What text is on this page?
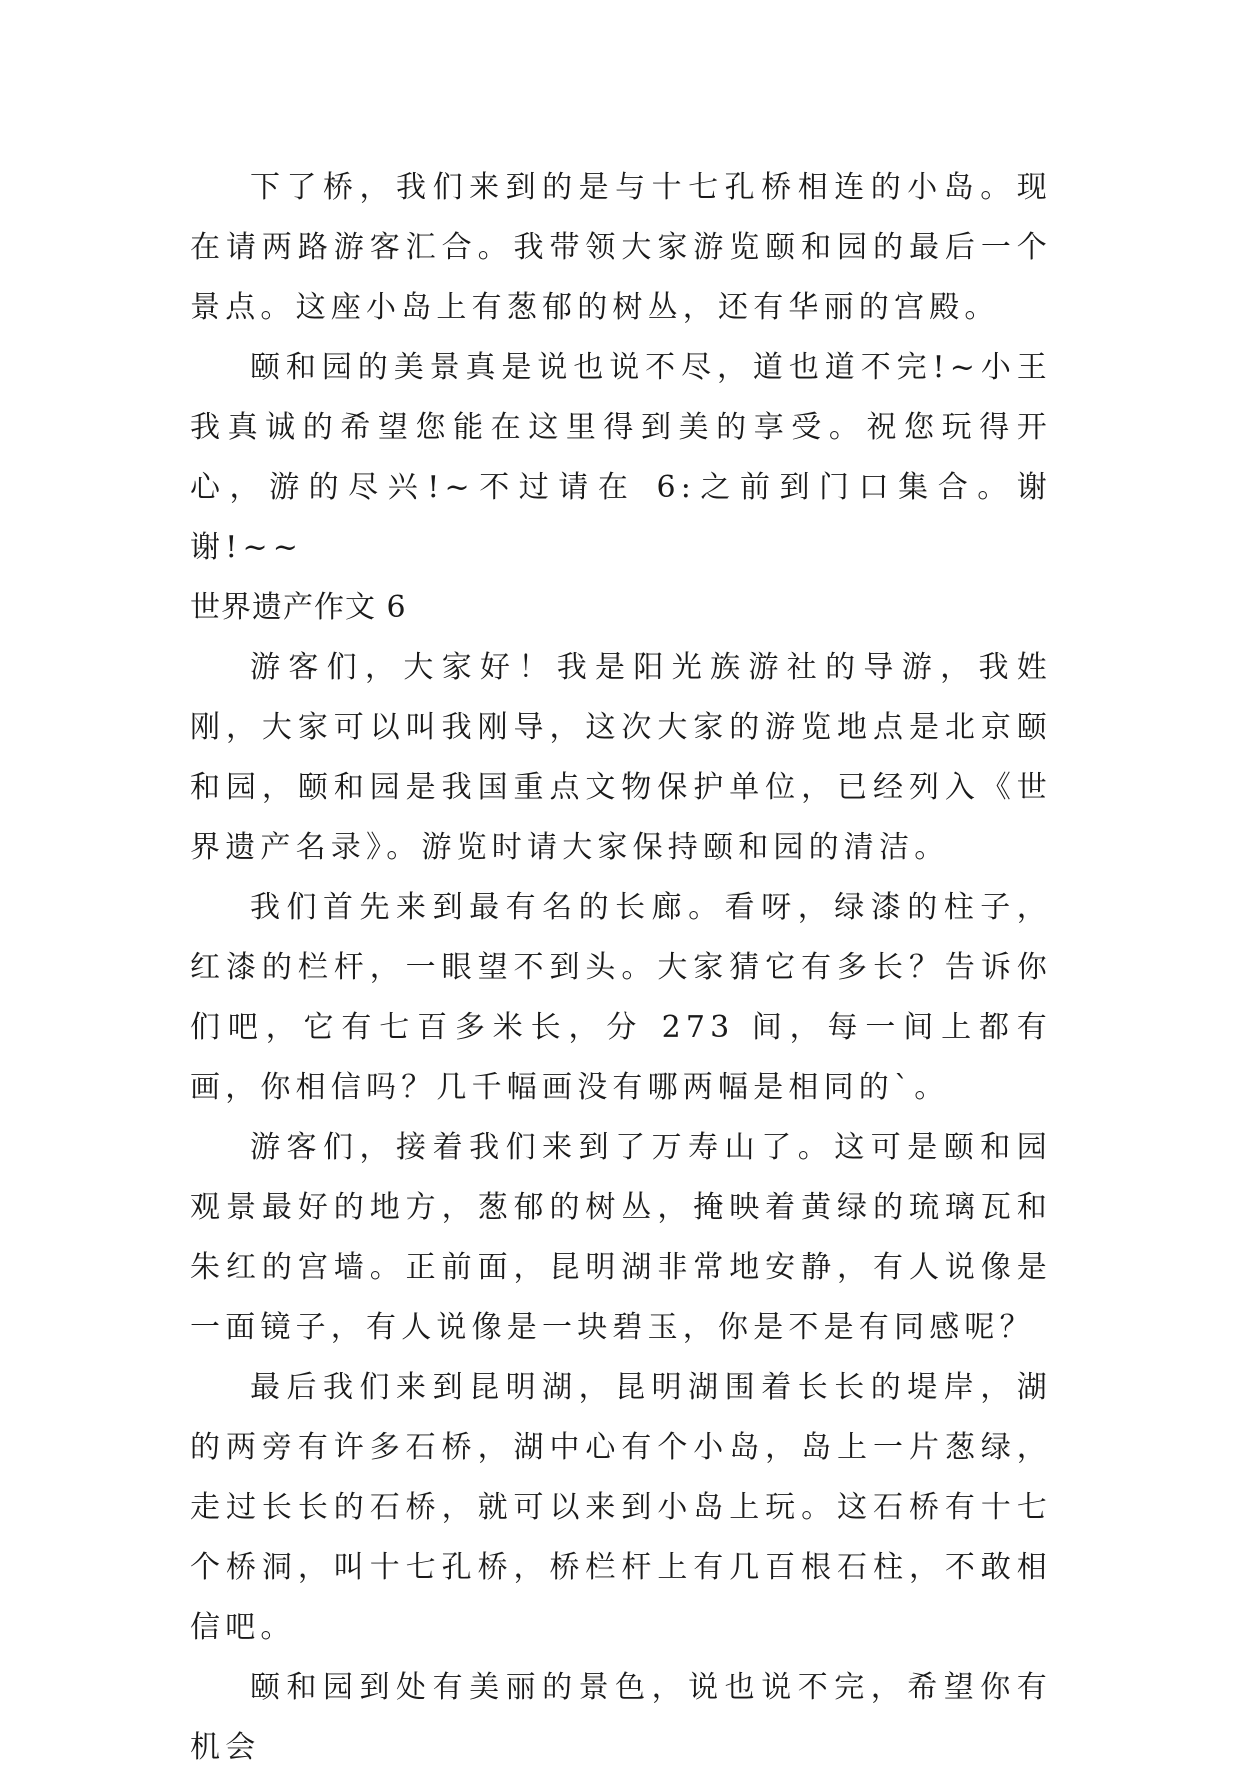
下了桥，我们来到的是与十七孔桥相连的小岛。现在请两路游客汇合。我带领大家游览颐和园的最后一个景点。这座小岛上有葱郁的树丛，还有华丽的宫殿。

颐和园的美景真是说也说不尽，道也道不完!~小王我真诚的希望您能在这里得到美的享受。祝您玩得开心，游的尽兴!~不过请在 6:之前到门口集合。谢谢!~~

世界遗产作文 6

游客们，大家好！我是阳光族游社的导游，我姓刚，大家可以叫我刚导，这次大家的游览地点是北京颐和园，颐和园是我国重点文物保护单位，已经列入《世界遗产名录》。游览时请大家保持颐和园的清洁。

我们首先来到最有名的长廊。看呀，绿漆的柱子，红漆的栏杆，一眼望不到头。大家猜它有多长？告诉你们吧，它有七百多米长，分 273 间，每一间上都有画，你相信吗？几千幅画没有哪两幅是相同的`。

游客们，接着我们来到了万寿山了。这可是颐和园观景最好的地方，葱郁的树丛，掩映着黄绿的琉璃瓦和朱红的宫墙。正前面，昆明湖非常地安静，有人说像是一面镜子，有人说像是一块碧玉，你是不是有同感呢？

最后我们来到昆明湖，昆明湖围着长长的堤岸，湖的两旁有许多石桥，湖中心有个小岛，岛上一片葱绿，走过长长的石桥，就可以来到小岛上玩。这石桥有十七个桥洞，叫十七孔桥，桥栏杆上有几百根石柱，不敢相信吧。

颐和园到处有美丽的景色，说也说不完，希望你有机会
